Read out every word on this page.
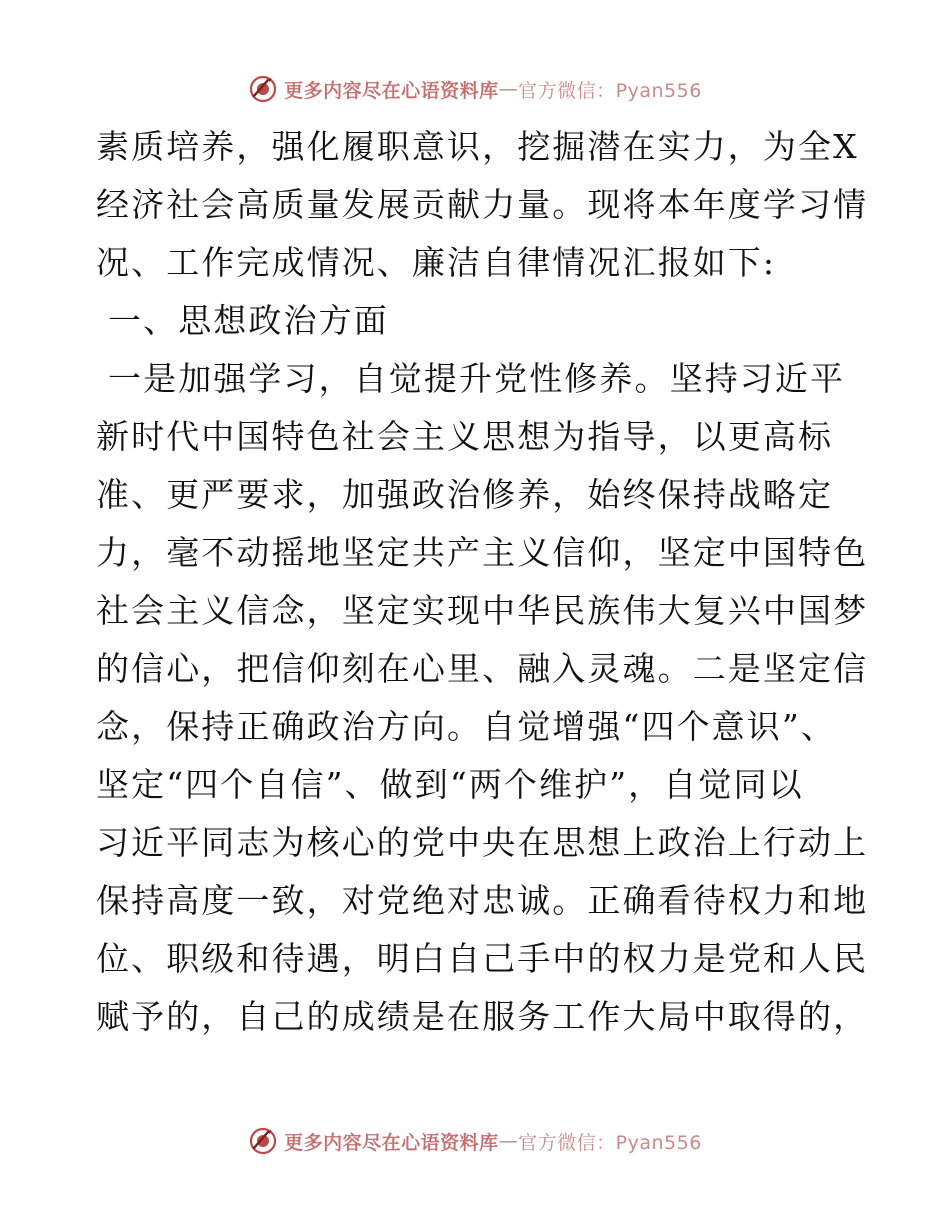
更多内容尽在心语资料库 — 官方微信：Pyan556
素质培养，强化履职意识，挖掘潜在实力，为全X
经济社会高质量发展贡献力量。现将本年度学习情
况、工作完成情况、廉洁自律情况汇报如下:
一、思想政治方面
一是加强学习，自觉提升党性修养。坚持习近平
新时代中国特色社会主义思想为指导，以更高标
准、更严要求，加强政治修养，始终保持战略定
力，毫不动摇地坚定共产主义信仰，坚定中国特色
社会主义信念，坚定实现中华民族伟大复兴中国梦
的信心，把信仰刻在心里、融入灵魂。二是坚定信
念，保持正确政治方向。自觉增强“四个意识”、
坚定“四个自信”、做到“两个维护”，自觉同以
习近平同志为核心的党中央在思想上政治上行动上
保持高度一致，对党绝对忠诚。正确看待权力和地
位、职级和待遇，明白自己手中的权力是党和人民
赋予的，自己的成绩是在服务工作大局中取得的，
更多内容尽在心语资料库 — 官方微信：Pyan556
